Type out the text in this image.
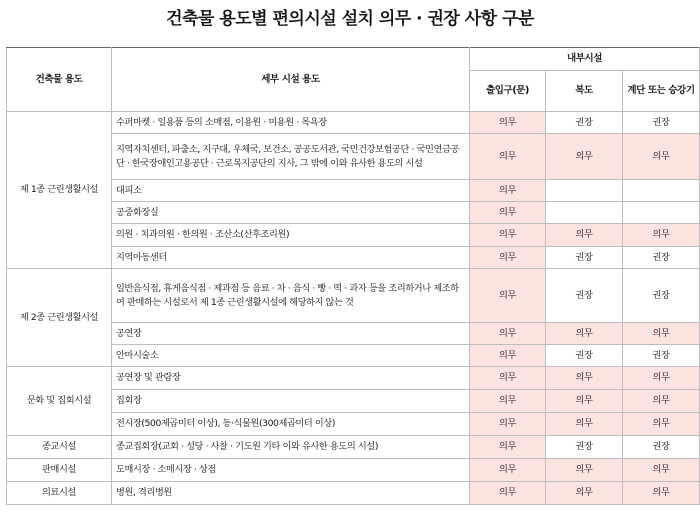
건축물 용도별 편의시설 설치 의무 · 권장 사항 구분
건축물 용도	세부 시설 용도	내부시설		
		출입구(문)	복도	계단 또는 승강기
제 1종 근린생활시설	수퍼마켓 · 일용품 등의 소매점, 이용원 · 미용원 · 목욕장	의무	권장	권장
	지역자치센터, 파출소, 지구대, 우체국, 보건소, 공공도서관, 국민건강보험공단 · 국민연금공단 · 한국장애인고용공단 · 근로복지공단의 지사, 그 밖에 이와 유사한 용도의 시설	의무	의무	의무
	대피소	의무		
	공중화장실	의무		
	의원 · 치과의원 · 한의원 · 조산소(산후조리원)	의무	의무	의무
	지역아동센터	의무	권장	권장
제 2종 근린생활시설	일반음식점, 휴게음식점 · 제과점 등 음료 · 차 · 음식 · 빵 · 떡 · 과자 등을 조리하거나 제조하여 판매하는 시설로서 제 1종 근린생활시설에 해당하지 않는 것	의무	권장	권장
	공연장	의무	의무	의무
	안마시술소	의무	권장	권장
문화 및 집회시설	공연장 및 관람장	의무	의무	의무
	집회장	의무	의무	의무
	전시장(500제곱미터 이상), 동·식물원(300제곱미터 이상)	의무	의무	의무
종교시설	종교집회장(교회 · 성당 · 사찰 · 기도원 기타 이와 유사한 용도의 시설)	의무	권장	권장
판매시설	도매시장 · 소매시장 · 상점	의무	의무	의무
의료시설	병원, 격리병원	의무	의무	의무
